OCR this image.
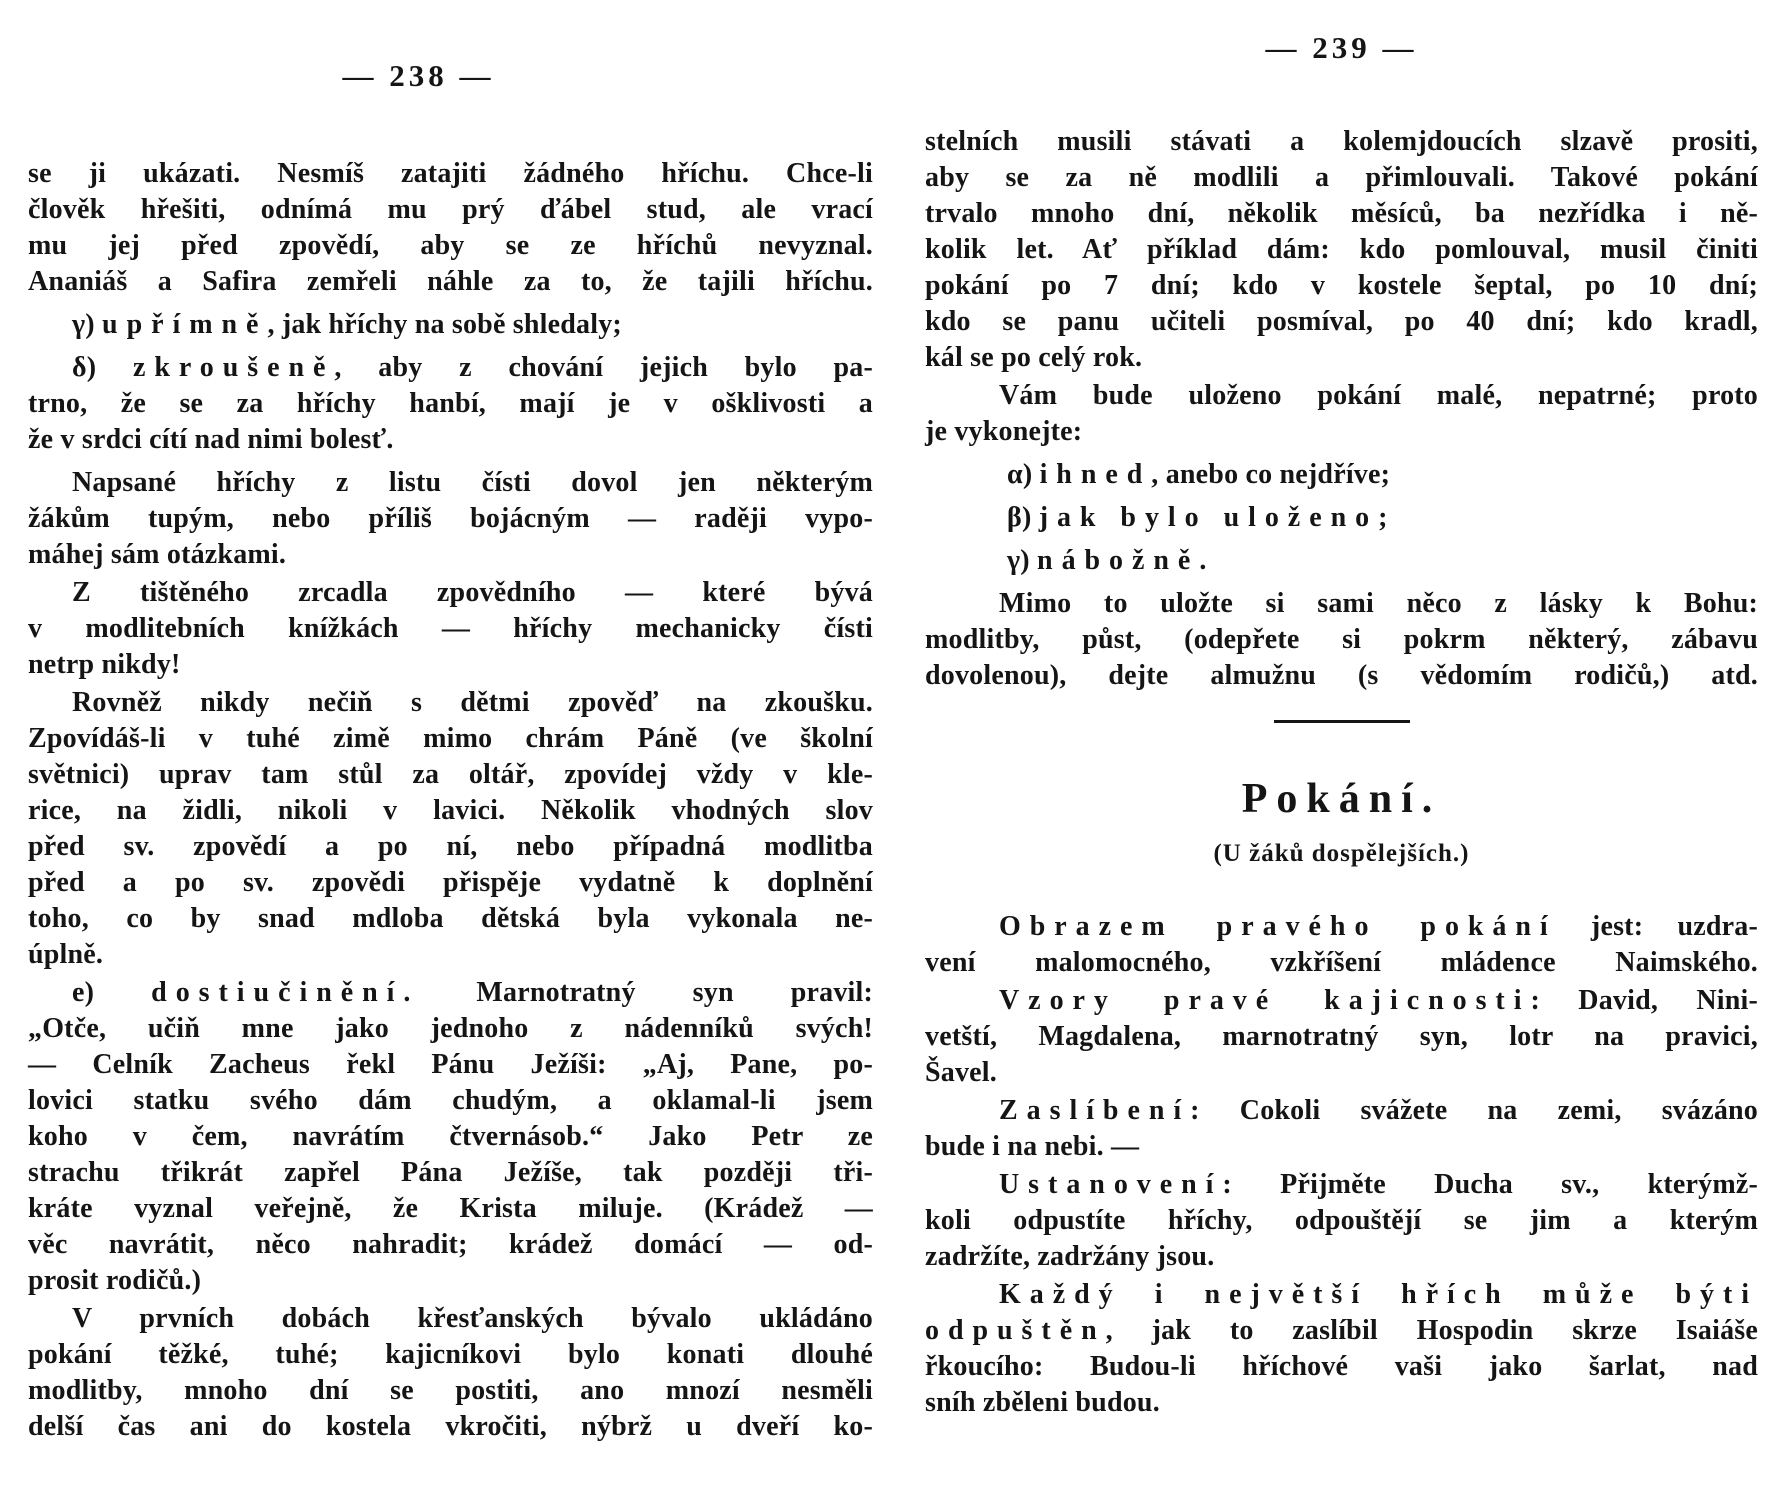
— 238 —
se ji ukázati. Nesmíš zatajiti žádného hříchu. Chce-li
člověk hřešiti, odnímá mu prý ďábel stud, ale vrací
mu jej před zpovědí, aby se ze hříchů nevyznal.
Ananiáš a Safira zemřeli náhle za to, že tajili hříchu.
γ) upřímně, jak hříchy na sobě shledaly;
δ) zkroušeně, aby z chování jejich bylo pa-
trno, že se za hříchy hanbí, mají je v ošklivosti a
že v srdci cítí nad nimi bolesť.
Napsané hříchy z listu čísti dovol jen některým
žákům tupým, nebo příliš bojácným — raději vypo-
máhej sám otázkami.
Z tištěného zrcadla zpovědního — které bývá
v modlitebních knížkách — hříchy mechanicky čísti
netrp nikdy!
Rovněž nikdy nečiň s dětmi zpověď na zkoušku.
Zpovídáš-li v tuhé zimě mimo chrám Páně (ve školní
světnici) uprav tam stůl za oltář, zpovídej vždy v kle-
rice, na židli, nikoli v lavici. Několik vhodných slov
před sv. zpovědí a po ní, nebo případná modlitba
před a po sv. zpovědi přispěje vydatně k doplnění
toho, co by snad mdloba dětská byla vykonala ne-
úplně.
e) dostiučinění. Marnotratný syn pravil:
„Otče, učiň mne jako jednoho z nádenníků svých!
— Celník Zacheus řekl Pánu Ježíši: „Aj, Pane, po-
lovici statku svého dám chudým, a oklamal-li jsem
koho v čem, navrátím čtvernásob.“ Jako Petr ze
strachu třikrát zapřel Pána Ježíše, tak později tři-
kráte vyznal veřejně, že Krista miluje. (Krádež —
věc navrátit, něco nahradit; krádež domácí — od-
prosit rodičů.)
V prvních dobách křesťanských bývalo ukládáno
pokání těžké, tuhé; kajicníkovi bylo konati dlouhé
modlitby, mnoho dní se postiti, ano mnozí nesměli
delší čas ani do kostela vkročiti, nýbrž u dveří ko-
— 239 —
stelních musili stávati a kolemjdoucích slzavě prositi,
aby se za ně modlili a přimlouvali. Takové pokání
trvalo mnoho dní, několik měsíců, ba nezřídka i ně-
kolik let. Ať příklad dám: kdo pomlouval, musil činiti
pokání po 7 dní; kdo v kostele šeptal, po 10 dní;
kdo se panu učiteli posmíval, po 40 dní; kdo kradl,
kál se po celý rok.
Vám bude uloženo pokání malé, nepatrné; proto
je vykonejte:
α) ihned, anebo co nejdříve;
β) jak bylo uloženo;
γ) nábožně.
Mimo to uložte si sami něco z lásky k Bohu:
modlitby, půst, (odepřete si pokrm některý, zábavu
dovolenou), dejte almužnu (s vědomím rodičů,) atd.
Pokání.
(U žáků dospělejších.)
Obrazem pravého pokání jest: uzdra-
vení malomocného, vzkříšení mládence Naimského.
Vzory pravé kajicnosti: David, Nini-
vetští, Magdalena, marnotratný syn, lotr na pravici,
Šavel.
Zaslíbení: Cokoli svážete na zemi, svázáno
bude i na nebi. —
Ustanovení: Přijměte Ducha sv., kterýmž-
koli odpustíte hříchy, odpouštějí se jim a kterým
zadržíte, zadržány jsou.
Každý i největší hřích může býti
odpuštěn, jak to zaslíbil Hospodin skrze Isaiáše
řkoucího: Budou-li hříchové vaši jako šarlat, nad
sníh zběleni budou.
